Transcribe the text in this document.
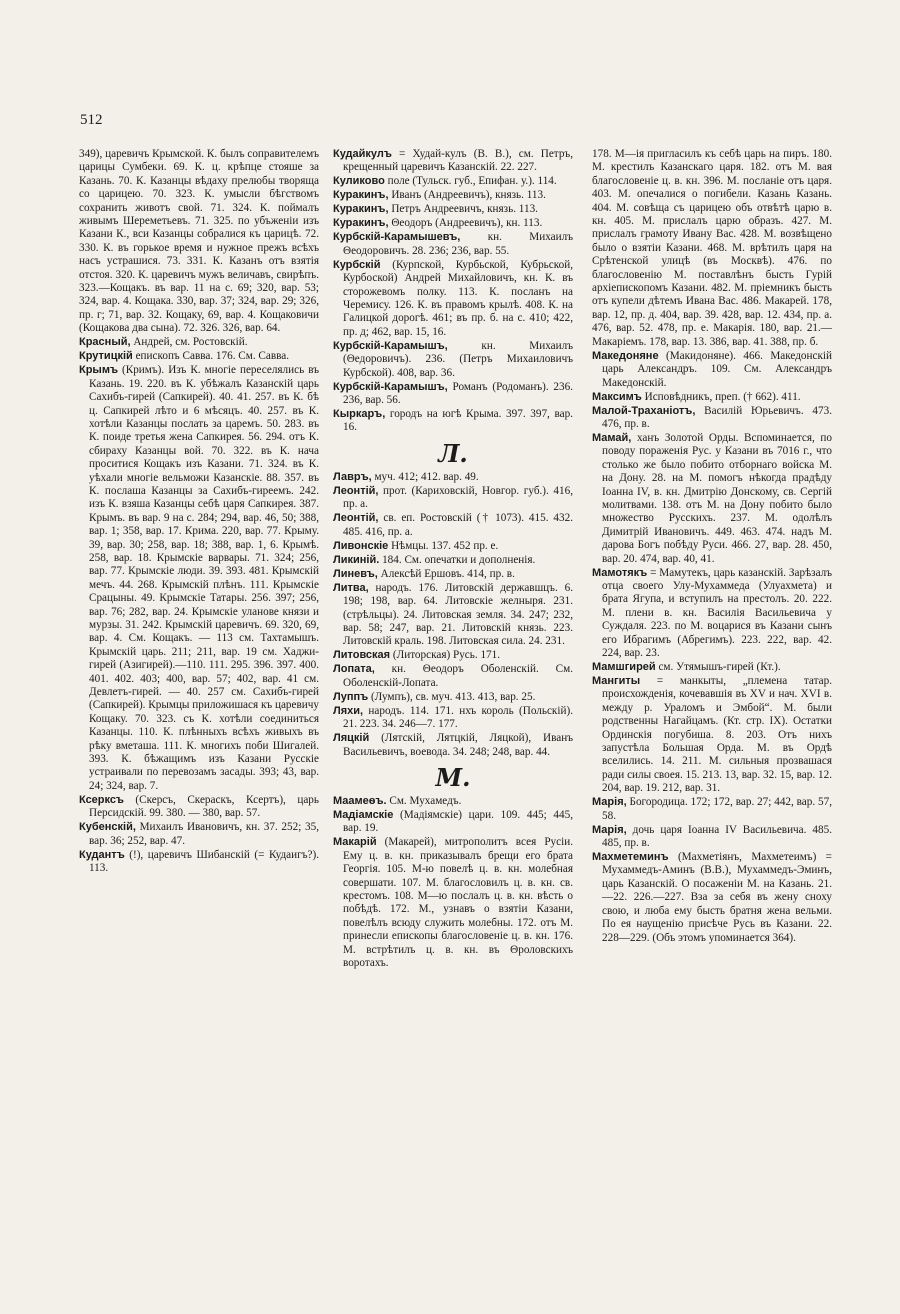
512
349), царевичъ Крымской. К. былъ соправителемъ царицы Сумбеки. 69. К. ц. крѣпце стояше за Казань. 70. К. Казанцы вѣдаху прелюбы творяща со царицею. 70. 323. К. умысли бѣгствомъ сохранить животъ свой. 71. 324. К. поймалъ живымъ Шереметьевъ. 71. 325. по убъженіи изъ Казани К., вси Казанцы собралися къ царицѣ. 72. 330. К. въ горькое время и нужное прежъ всѣхъ насъ устрашися. 73. 331. К. Казанъ отъ взятія отстоя. 320. К. царевичъ мужъ величавъ, свирѣпъ. 323.—Кощакъ. въ вар. 11 на с. 69; 320, вар. 53; 324, вар. 4. Кощака. 330, вар. 37; 324, вар. 29; 326, пр. г; 71, вар. 32. Кощаку, 69, вар. 4. Кощаковичи (Кощакова два сына). 72. 326. 326, вар. 64.
Красный, Андрей, см. Ростовскій.
Крутицкій епископъ Савва. 176. См. Савва.
Крымъ (Кримъ). Изъ К. многіе переселялись въ Казань. 19. 220. въ К. убѣжалъ Казанскій царь Сахибъ-гирей (Сапкирей). 40. 41. 257. въ К. бѣ ц. Сапкирей лѣто и 6 мѣсяцъ. 40. 257. въ К. хотѣли Казанцы послать за царемъ. 50. 283. въ К. поиде третья жена Сапкирея. 56. 294. отъ К. сбираху Казанцы вой. 70. 322. въ К. нача проситися Кощакъ изъ Казани. 71. 324. въ К. уѣхали многіе вельможи Казанскіе. 88. 357. въ К. послаша Казанцы за Сахибъ-гиреемъ. 242. изъ К. взяша Казанцы себѣ царя Сапкирея. 387. Крымъ. въ вар. 9 на с. 284; 294, вар. 46, 50; 388, вар. 1; 358, вар. 17. Крима. 220, вар. 77. Крыму. 39, вар. 30; 258, вар. 18; 388, вар. 1, 6. Крымѣ. 258, вар. 18. Крымскіе варвары. 71. 324; 256, вар. 77. Крымскіе люди. 39. 393. 481. Крымскій мечъ. 44. 268. Крымскій плѣнъ. 111. Крымскіе Срацыны. 49. Крымскіе Татары. 256. 397; 256, вар. 76; 282, вар. 24. Крымскіе уланове князи и мурзы. 31. 242. Крымскій царевичъ. 69. 320, 69, вар. 4. См. Кощакъ. — 113 см. Тахтамышъ. Крымскій царь. 211; 211, вар. 19 см. Хаджи-гирей (Азигирей).—110. 111. 295. 396. 397. 400. 401. 402. 403; 400, вар. 57; 402, вар. 41 см. Девлетъ-гирей. — 40. 257 см. Сахибъ-гирей (Сапкирей). Крымцы приложишася къ царевичу Кощаку. 70. 323. съ К. хотѣли соединиться Казанцы. 110. К. плѣнныхъ всѣхъ живыхъ въ рѣку вметаша. 111. К. многихъ поби Шигалей. 393. К. бѣжащимъ изъ Казани Русскіе устраивали по перевозамъ засады. 393; 43, вар. 24; 324, вар. 7.
Ксерксъ (Скерсъ, Скераскъ, Ксертъ), царь Персидскій. 99. 380. — 380, вар. 57.
Кубенскій, Михаилъ Ивановичъ, кн. 37. 252; 35, вар. 36; 252, вар. 47.
Кудантъ (!), царевичъ Шибанскій (= Кудаигъ?). 113.
Кудайкулъ = Худай-кулъ (В. В.), см. Петръ, крещенный царевичъ Казанскій. 22. 227.
Куликово поле (Тульск. губ., Епифан. у.). 114.
Куракинъ, Иванъ (Андреевичъ), князь. 113.
Куракинъ, Петръ Андреевичъ, князь. 113.
Куракинъ, Θеодоръ (Андреевичъ), кн. 113.
Курбскій-Карамышевъ, кн. Михаилъ Θеодоровичъ. 28. 236; 236, вар. 55.
Курбскій (Курпской, Курбьской, Кубрьской, Курбоской) Андрей Михайловичъ, кн. К. въ сторожевомъ полку. 113. К. посланъ на Черемису. 126. К. въ правомъ крылѣ. 408. К. на Галицкой дорогѣ. 461; въ пр. б. на с. 410; 422, пр. д; 462, вар. 15, 16.
Курбскій-Карамышъ, кн. Михаилъ (Θедоровичъ). 236. (Петръ Михаиловичъ Курбской). 408, вар. 36.
Курбскій-Карамышъ, Романъ (Родоманъ). 236. 236, вар. 56.
Кыркаръ, городъ на югѣ Крыма. 397. 397, вар. 16.
Л.
Лавръ, муч. 412; 412. вар. 49.
Леонтій, прот. (Кариховскій, Новгор. губ.). 416, пр. а.
Леонтій, св. еп. Ростовскій († 1073). 415. 432. 485. 416, пр. а.
Ливонскіе Нѣмцы. 137. 452 пр. е.
Ликиній. 184. См. опечатки и дополненія.
Линевъ, Алексѣй Ершовъ. 414, пр. в.
Литва, народъ. 176. Литовскій державшцъ. 6. 198; 198, вар. 64. Литовскіе желныря. 231. (стрѣльцы). 24. Литовская земля. 34. 247; 232, вар. 58; 247, вар. 21. Литовскій князь. 223. Литовскій краль. 198. Литовская сила. 24. 231.
Литовская (Литорская) Русь. 171.
Лопата, кн. Θеодоръ Оболенскій. См. Оболенскій-Лопата.
Луппъ (Лумпъ), св. муч. 413. 413, вар. 25.
Ляхи, народъ. 114. 171. нхъ король (Польскій). 21. 223. 34. 246—7. 177.
Ляцкій (Лятскій, Лятцкій, Ляцкой), Иванъ Васильевичъ, воевода. 34. 248; 248, вар. 44.
М.
Маамеѳъ. См. Мухамедъ.
Мадіамскіе (Мадіямскіе) цари. 109. 445; 445, вар. 19.
Макарій (Макарей), митрополитъ всея Русіи. Ему ц. в. кн. приказывалъ брещи его брата Георгія. 105. М-ю повелѣ ц. в. кн. молебная совершати. 107. М. благословилъ ц. в. кн. св. крестомъ. 108. М—ю послалъ ц. в. кн. вѣсть о побѣдѣ. 172. М., узнавъ о взятіи Казани, повелѣлъ всюду служить молебны. 172. отъ М. принесли епископы благословеніе ц. в. кн. 176. М. встрѣтилъ ц. в. кн. въ Θроловскихъ воротахъ.
178. М—ія пригласилъ къ себѣ царь на пиръ. 180. М. крестилъ Казанскаго царя. 182. отъ М. вая благословеніе ц. в. кн. 396. М. посланіе отъ царя. 403. М. опечалися о погибели. Казань Казань. 404. М. совѣща съ царицею объ отвѣтѣ царю в. кн. 405. М. прислалъ царю образъ. 427. М. прислалъ грамоту Ивану Вас. 428. М. возвѣщено было о взятіи Казани. 468. М. врѣтилъ царя на Срѣтенской улицѣ (въ Москвѣ). 476. по благословенію М. поставлѣнъ бысть Гурій архіепископомъ Казани. 482. М. пріемникъ бысть отъ купели дѣтемъ Ивана Вас. 486. Макарей. 178, вар. 12, пр. д. 404, вар. 39. 428, вар. 12. 434, пр. а. 476, вар. 52. 478, пр. е. Макарія. 180, вар. 21.—Макаріемъ. 178, вар. 13. 386, вар. 41. 388, пр. б.
Македоняне (Макидоняне). 466. Македонскій царь Александръ. 109. См. Александръ Македонскій.
Максимъ Исповѣдникъ, преп. († 662). 411.
Малой-Траханіотъ, Василій Юрьевичъ. 473. 476, пр. в.
Мамай, ханъ Золотой Орды. Вспоминается, по поводу пораженія Рус. у Казани въ 7016 г., что столько же было побито отборнаго войска М. на Дону. 28. на М. помогъ нѣкогда прадѣду Іоанна IV, в. кн. Дмитрію Донскому, св. Сергій молитвами. 138. отъ М. на Дону побито было множество Русскихъ. 237. М. одолѣлъ Димитрій Ивановичъ. 449. 463. 474. надъ М. дарова Богъ побѣду Руси. 466. 27, вар. 28. 450, вар. 20. 474, вар. 40, 41.
Мамотякъ = Мамутекъ, царь казанскій. Зарѣзалъ отца своего Улу-Мухаммеда (Улуахмета) и брата Ягупа, и вступилъ на престолъ. 20. 222. М. плени в. кн. Василія Васильевича у Суждаля. 223. по М. воцарися въ Казани сынъ его Ибрагимъ (Абрегимъ). 223. 222, вар. 42. 224, вар. 23.
Мамшгирей см. Утямышъ-гирей (Кт.).
Мангиты = манкыты, „племена татар. происхожденія, кочевавшія въ XV и нач. XVI в. между р. Ураломъ и Эмбой“. М. были родственны Нагайцамъ. (Кт. стр. IX). Остатки Ординскія погубиша. 8. 203. Отъ нихъ запустѣла Большая Орда. М. въ Ордѣ вселились. 14. 211. М. сильныя прозвашася ради силы своея. 15. 213. 13, вар. 32. 15, вар. 12. 204, вар. 19. 212, вар. 31.
Марія, Богородица. 172; 172, вар. 27; 442, вар. 57, 58.
Марія, дочь царя Іоанна IV Васильевича. 485. 485, пр. в.
Махметеминъ (Махметіянъ, Махметеимъ) = Мухаммедъ-Аминъ (В.В.), Мухаммедъ-Эминъ, царь Казанскій. О посаженіи М. на Казань. 21.—22. 226.—227. Вза за себя въ жену сноху свою, и люба ему бысть братня жена вельми. По ея наущенію присѣче Русь въ Казани. 22. 228—229. (Объ этомъ упоминается 364).
